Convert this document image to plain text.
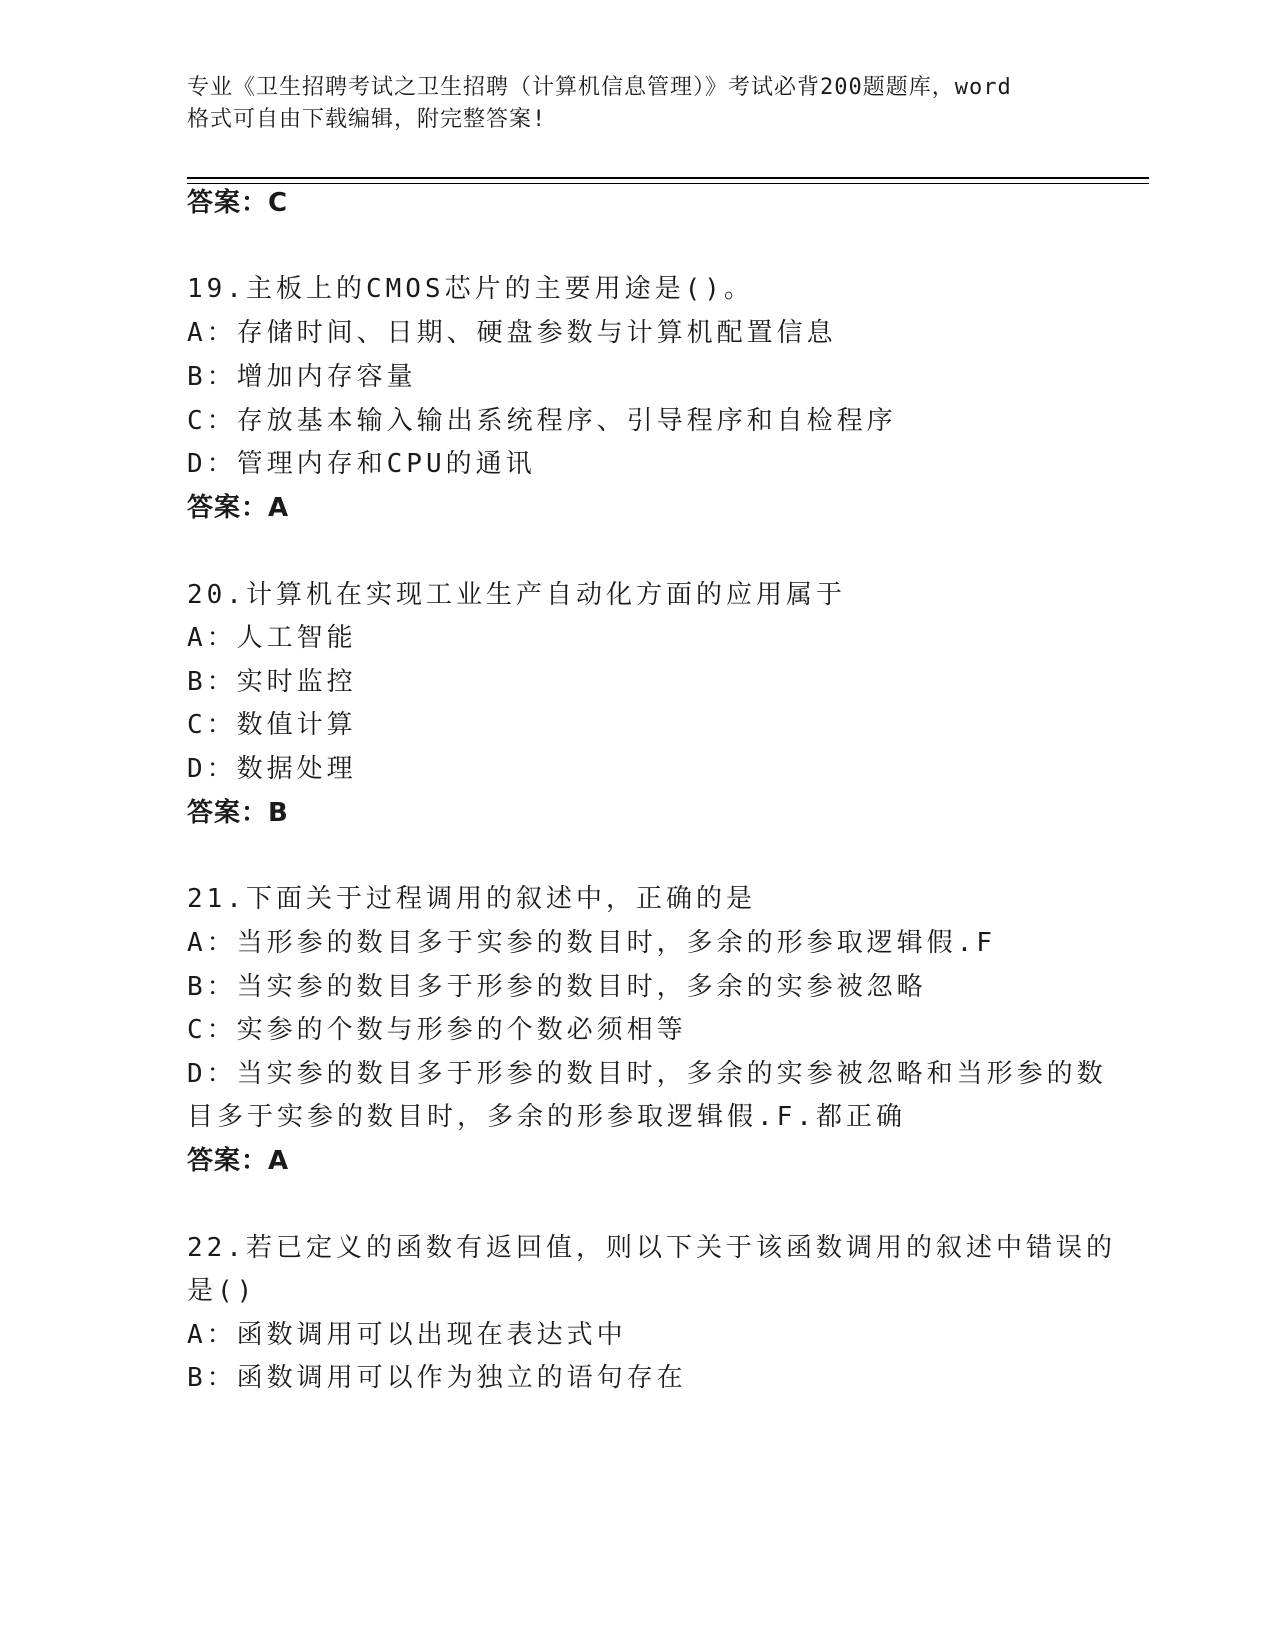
专业《卫生招聘考试之卫生招聘（计算机信息管理）》考试必背200题题库，word
格式可自由下载编辑，附完整答案!
答案：C
19.主板上的CMOS芯片的主要用途是()。
A：存储时间、日期、硬盘参数与计算机配置信息
B：增加内存容量
C：存放基本输入输出系统程序、引导程序和自检程序
D：管理内存和CPU的通讯
答案：A
20.计算机在实现工业生产自动化方面的应用属于
A：人工智能
B：实时监控
C：数值计算
D：数据处理
答案：B
21.下面关于过程调用的叙述中，正确的是
A：当形参的数目多于实参的数目时，多余的形参取逻辑假.F
B：当实参的数目多于形参的数目时，多余的实参被忽略
C：实参的个数与形参的个数必须相等
D：当实参的数目多于形参的数目时，多余的实参被忽略和当形参的数
目多于实参的数目时，多余的形参取逻辑假.F.都正确
答案：A
22.若已定义的函数有返回值，则以下关于该函数调用的叙述中错误的
是()
A：函数调用可以出现在表达式中
B：函数调用可以作为独立的语句存在
